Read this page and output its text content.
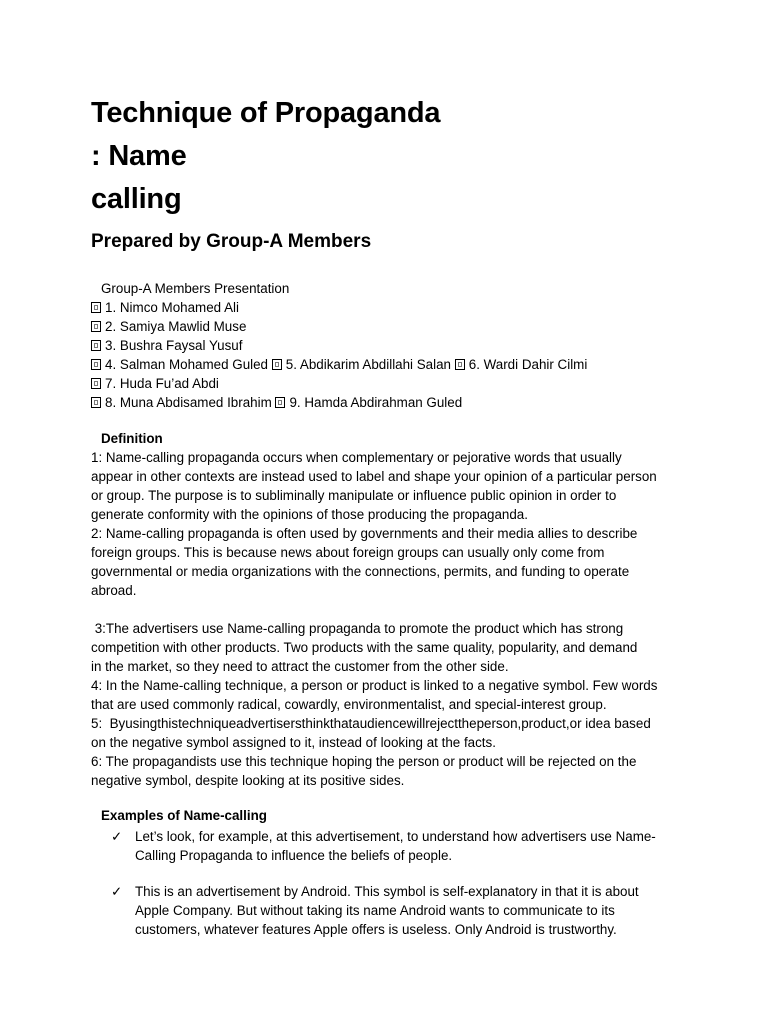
Technique of Propaganda
: Name
calling
Prepared by Group-A Members
Group-A Members Presentation
1. Nimco Mohamed Ali
2. Samiya Mawlid Muse
3. Bushra Faysal Yusuf
4. Salman Mohamed Guled 5. Abdikarim Abdillahi Salan 6. Wardi Dahir Cilmi
7. Huda Fu’ad Abdi
8. Muna Abdisamed Ibrahim 9. Hamda Abdirahman Guled
Definition
1: Name-calling propaganda occurs when complementary or pejorative words that usually
appear in other contexts are instead used to label and shape your opinion of a particular person
or group. The purpose is to subliminally manipulate or influence public opinion in order to
generate conformity with the opinions of those producing the propaganda.
2: Name-calling propaganda is often used by governments and their media allies to describe
foreign groups. This is because news about foreign groups can usually only come from
governmental or media organizations with the connections, permits, and funding to operate
abroad.
3:The advertisers use Name-calling propaganda to promote the product which has strong
competition with other products. Two products with the same quality, popularity, and demand
in the market, so they need to attract the customer from the other side.
4: In the Name-calling technique, a person or product is linked to a negative symbol. Few words
that are used commonly radical, cowardly, environmentalist, and special-interest group.
5:  Byusingthistechniqueadvertisersthinkthataudiencewillrejecttheperson,product,or idea based
on the negative symbol assigned to it, instead of looking at the facts.
6: The propagandists use this technique hoping the person or product will be rejected on the
negative symbol, despite looking at its positive sides.
Examples of Name-calling
✓ Let’s look, for example, at this advertisement, to understand how advertisers use Name-
Calling Propaganda to influence the beliefs of people.
✓ This is an advertisement by Android. This symbol is self-explanatory in that it is about
Apple Company. But without taking its name Android wants to communicate to its
customers, whatever features Apple offers is useless. Only Android is trustworthy.
